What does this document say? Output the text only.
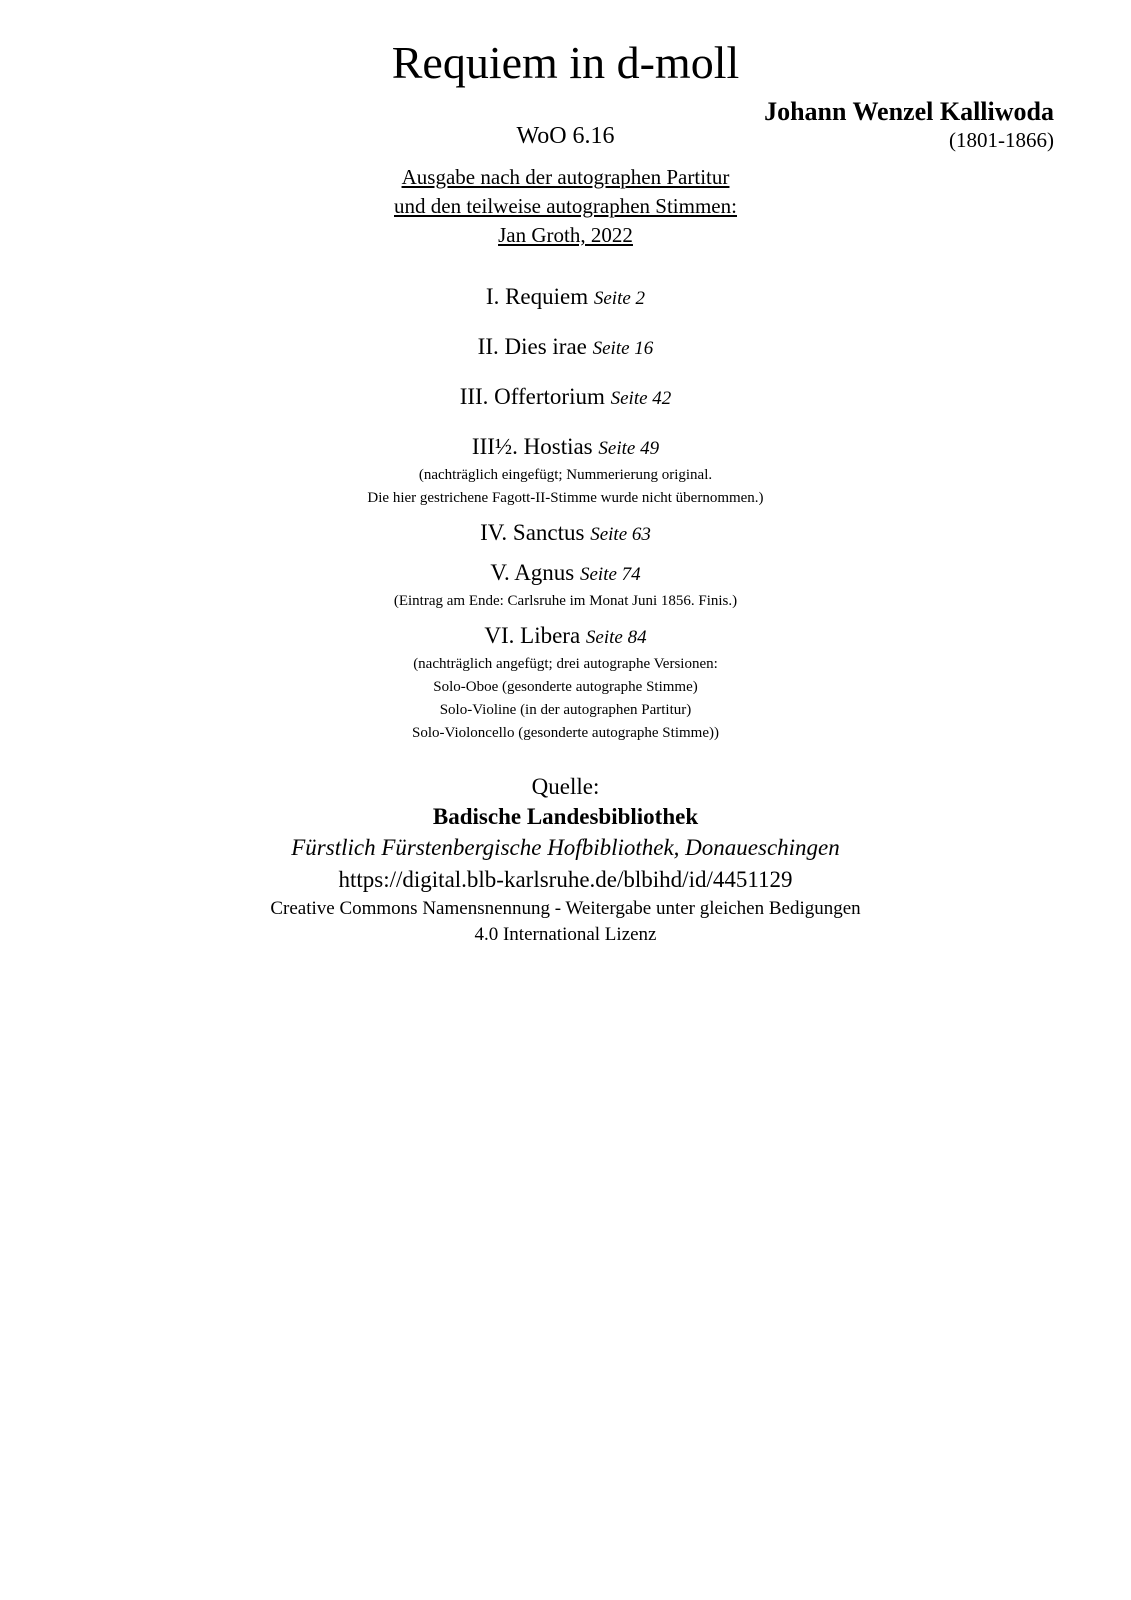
Requiem in d-moll
Johann Wenzel Kalliwoda
(1801-1866)
WoO 6.16
Ausgabe nach der autographen Partitur
und den teilweise autographen Stimmen:
Jan Groth, 2022
I. Requiem Seite 2
II. Dies irae Seite 16
III. Offertorium Seite 42
III½. Hostias Seite 49
(nachträglich eingefügt; Nummerierung original.
Die hier gestrichene Fagott-II-Stimme wurde nicht übernommen.)
IV. Sanctus Seite 63
V. Agnus Seite 74
(Eintrag am Ende: Carlsruhe im Monat Juni 1856. Finis.)
VI. Libera Seite 84
(nachträglich angefügt; drei autographe Versionen:
Solo-Oboe (gesonderte autographe Stimme)
Solo-Violine (in der autographen Partitur)
Solo-Violoncello (gesonderte autographe Stimme))
Quelle:
Badische Landesbibliothek
Fürstlich Fürstenbergische Hofbibliothek, Donaueschingen
https://digital.blb-karlsruhe.de/blbihd/id/4451129
Creative Commons Namensnennung - Weitergabe unter gleichen Bedigungen
4.0 International Lizenz
